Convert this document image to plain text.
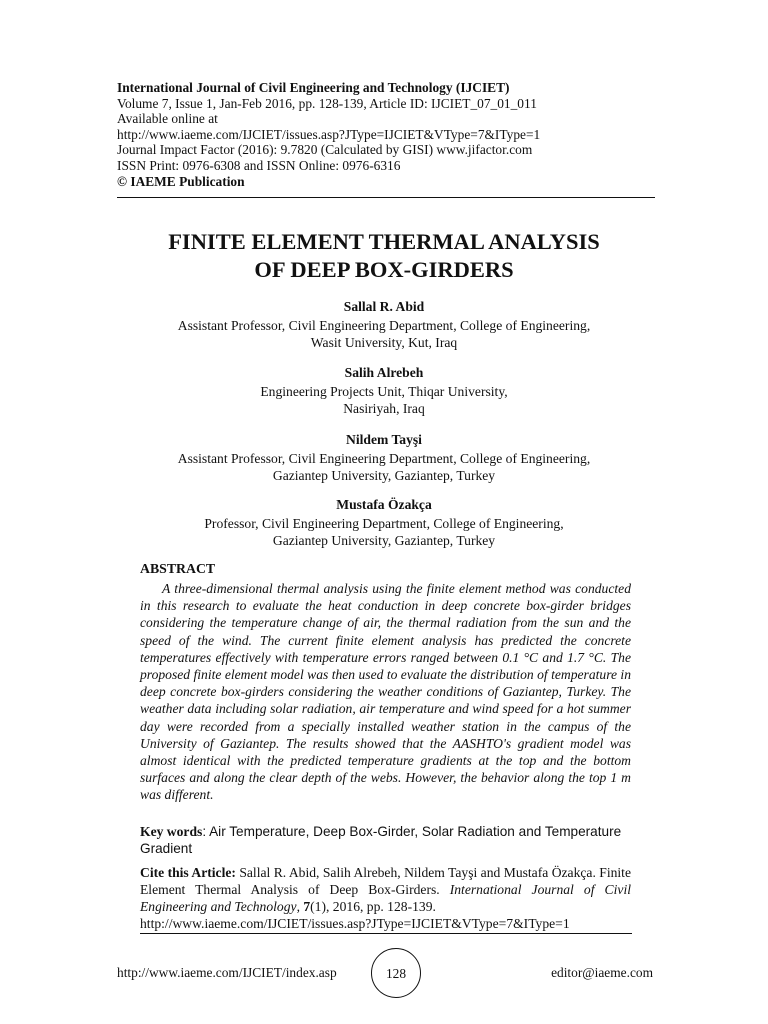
International Journal of Civil Engineering and Technology (IJCIET)
Volume 7, Issue 1, Jan-Feb 2016, pp. 128-139, Article ID: IJCIET_07_01_011
Available online at
http://www.iaeme.com/IJCIET/issues.asp?JType=IJCIET&VType=7&IType=1
Journal Impact Factor (2016): 9.7820 (Calculated by GISI) www.jifactor.com
ISSN Print: 0976-6308 and ISSN Online: 0976-6316
© IAEME Publication
FINITE ELEMENT THERMAL ANALYSIS
OF DEEP BOX-GIRDERS
Sallal R. Abid
Assistant Professor, Civil Engineering Department, College of Engineering,
Wasit University, Kut, Iraq
Salih Alrebeh
Engineering Projects Unit, Thiqar University,
Nasiriyah, Iraq
Nildem Tayşi
Assistant Professor, Civil Engineering Department, College of Engineering,
Gaziantep University, Gaziantep, Turkey
Mustafa Özakça
Professor, Civil Engineering Department, College of Engineering,
Gaziantep University, Gaziantep, Turkey
ABSTRACT
A three-dimensional thermal analysis using the finite element method was conducted in this research to evaluate the heat conduction in deep concrete box-girder bridges considering the temperature change of air, the thermal radiation from the sun and the speed of the wind. The current finite element analysis has predicted the concrete temperatures effectively with temperature errors ranged between 0.1 °C and 1.7 °C. The proposed finite element model was then used to evaluate the distribution of temperature in deep concrete box-girders considering the weather conditions of Gaziantep, Turkey. The weather data including solar radiation, air temperature and wind speed for a hot summer day were recorded from a specially installed weather station in the campus of the University of Gaziantep. The results showed that the AASHTO's gradient model was almost identical with the predicted temperature gradients at the top and the bottom surfaces and along the clear depth of the webs. However, the behavior along the top 1 m was different.
Key words: Air Temperature, Deep Box-Girder, Solar Radiation and Temperature Gradient
Cite this Article: Sallal R. Abid, Salih Alrebeh, Nildem Tayşi and Mustafa Özakça. Finite Element Thermal Analysis of Deep Box-Girders. International Journal of Civil Engineering and Technology, 7(1), 2016, pp. 128-139.
http://www.iaeme.com/IJCIET/issues.asp?JType=IJCIET&VType=7&IType=1
http://www.iaeme.com/IJCIET/index.asp	128	editor@iaeme.com
